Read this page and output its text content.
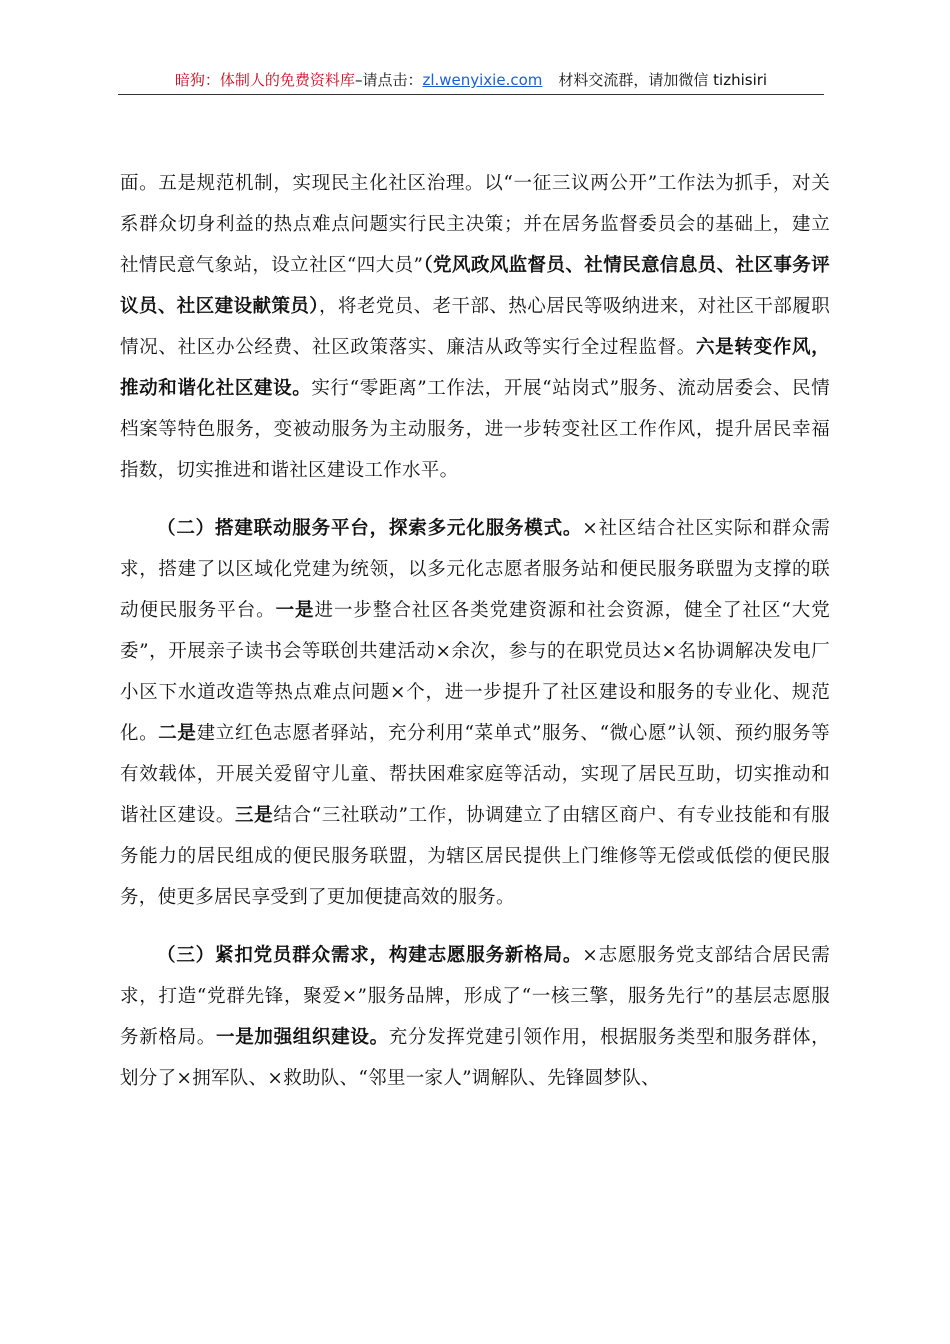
暗狗：体制人的免费资料库–请点击：zl.wenyixie.com 材料交流群，请加微信 tizhisiri

面。五是规范机制，实现民主化社区治理。以“一征三议两公开”工作法为抓手，对关系群众切身利益的热点难点问题实行民主决策；并在居务监督委员会的基础上，建立社情民意气象站，设立社区“四大员”（党风政风监督员、社情民意信息员、社区事务评议员、社区建设献策员），将老党员、老干部、热心居民等吸纳进来，对社区干部履职情况、社区办公经费、社区政策落实、廉洁从政等实行全过程监督。六是转变作风，推动和谐化社区建设。实行“零距离”工作法，开展“站岗式”服务、流动居委会、民情档案等特色服务，变被动服务为主动服务，进一步转变社区工作作风，提升居民幸福指数，切实推进和谐社区建设工作水平。

（二）搭建联动服务平台，探索多元化服务模式。×社区结合社区实际和群众需求，搭建了以区域化党建为统领，以多元化志愿者服务站和便民服务联盟为支撑的联动便民服务平台。一是进一步整合社区各类党建资源和社会资源，健全了社区“大党委”，开展亲子读书会等联创共建活动×余次，参与的在职党员达×名协调解决发电厂小区下水道改造等热点难点问题×个，进一步提升了社区建设和服务的专业化、规范化。二是建立红色志愿者驿站，充分利用“菜单式”服务、“微心愿”认领、预约服务等有效载体，开展关爱留守儿童、帮扶困难家庭等活动，实现了居民互助，切实推动和谐社区建设。三是结合“三社联动”工作，协调建立了由辖区商户、有专业技能和有服务能力的居民组成的便民服务联盟，为辖区居民提供上门维修等无偿或低偿的便民服务，使更多居民享受到了更加便捷高效的服务。

（三）紧扣党员群众需求，构建志愿服务新格局。×志愿服务党支部结合居民需求，打造“党群先锋，聚爱×”服务品牌，形成了“一核三擎，服务先行”的基层志愿服务新格局。一是加强组织建设。充分发挥党建引领作用，根据服务类型和服务群体，划分了×拥军队、×救助队、“邻里一家人”调解队、先锋圆梦队、
